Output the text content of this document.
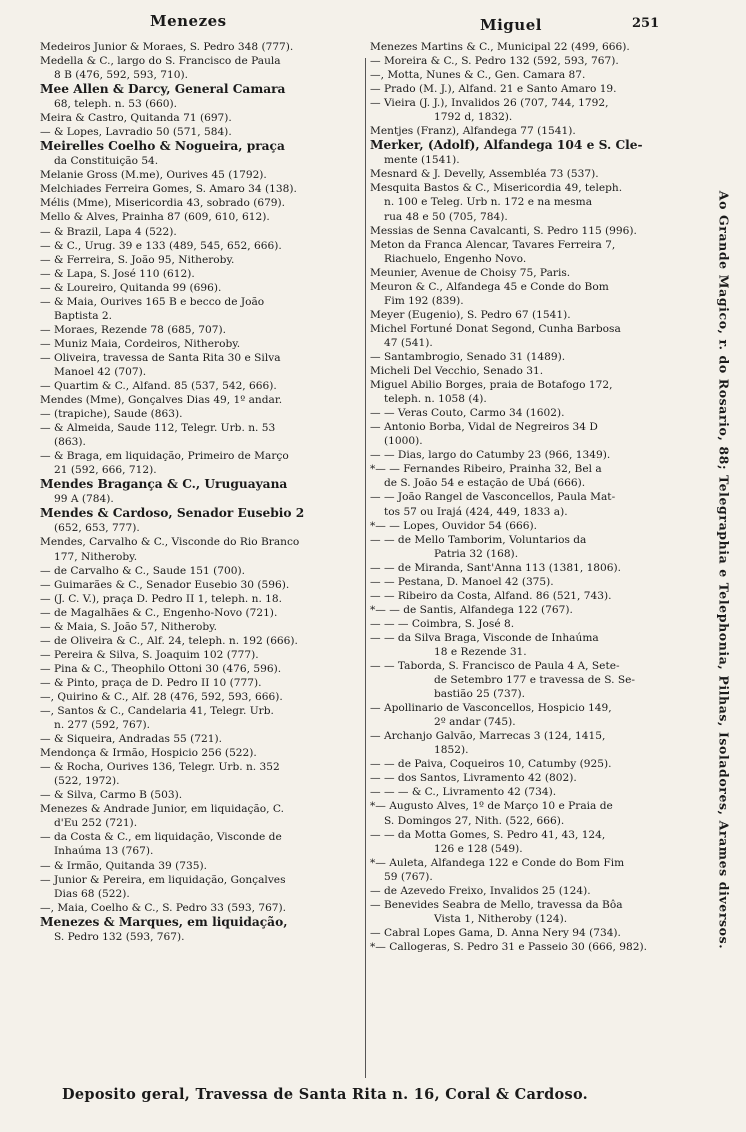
Menezes	Miguel	251
Medeiros Junior & Moraes, S. Pedro 348 (777).
Medella & C., largo do S. Francisco de Paula
8 B (476, 592, 593, 710).
Mee Allen & Darcy, General Camara
68, teleph. n. 53 (660).
Meira & Castro, Quitanda 71 (697).
— & Lopes, Lavradio 50 (571, 584).
Meirelles Coelho & Nogueira, praça
da Constituição 54.
Melanie Gross (M.me), Ourives 45 (1792).
Melchiades Ferreira Gomes, S. Amaro 34 (138).
Mélis (Mme), Misericordia 43, sobrado (679).
Mello & Alves, Prainha 87 (609, 610, 612).
— & Brazil, Lapa 4 (522).
— & C., Urug. 39 e 133 (489, 545, 652, 666).
— & Ferreira, S. João 95, Nitheroby.
— & Lapa, S. José 110 (612).
— & Loureiro, Quitanda 99 (696).
— & Maia, Ourives 165 B e becco de João
Baptista 2.
— Moraes, Rezende 78 (685, 707).
— Muniz Maia, Cordeiros, Nitheroby.
— Oliveira, travessa de Santa Rita 30 e Silva
Manoel 42 (707).
— Quartim & C., Alfand. 85 (537, 542, 666).
Mendes (Mme), Gonçalves Dias 49, 1º andar.
— (trapiche), Saude (863).
— & Almeida, Saude 112, Telegr. Urb. n. 53
(863).
— & Braga, em liquidação, Primeiro de Março
21 (592, 666, 712).
Mendes Bragança & C., Uruguayana
99 A (784).
Mendes & Cardoso, Senador Eusebio 2
(652, 653, 777).
Mendes, Carvalho & C., Visconde do Rio Branco
177, Nitheroby.
— de Carvalho & C., Saude 151 (700).
— Guimarães & C., Senador Eusebio 30 (596).
— (J. C. V.), praça D. Pedro II 1, teleph. n. 18.
— de Magalhães & C., Engenho-Novo (721).
— & Maia, S. João 57, Nitheroby.
— de Oliveira & C., Alf. 24, teleph. n. 192 (666).
— Pereira & Silva, S. Joaquim 102 (777).
— Pina & C., Theophilo Ottoni 30 (476, 596).
— & Pinto, praça de D. Pedro II 10 (777).
—, Quirino & C., Alf. 28 (476, 592, 593, 666).
—, Santos & C., Candelaria 41, Telegr. Urb.
n. 277 (592, 767).
— & Siqueira, Andradas 55 (721).
Mendonça & Irmão, Hospicio 256 (522).
— & Rocha, Ourives 136, Telegr. Urb. n. 352
(522, 1972).
— & Silva, Carmo B (503).
Menezes & Andrade Junior, em liquidação, C.
d'Eu 252 (721).
— da Costa & C., em liquidação, Visconde de
Inhaúma 13 (767).
— & Irmão, Quitanda 39 (735).
— Junior & Pereira, em liquidação, Gonçalves
Dias 68 (522).
—, Maia, Coelho & C., S. Pedro 33 (593, 767).
Menezes & Marques, em liquidação,
S. Pedro 132 (593, 767).
Menezes Martins & C., Municipal 22 (499, 666).
— Moreira & C., S. Pedro 132 (592, 593, 767).
—, Motta, Nunes & C., Gen. Camara 87.
— Prado (M. J.), Alfand. 21 e Santo Amaro 19.
— Vieira (J. J.), Invalidos 26 (707, 744, 1792,
1792 d, 1832).
Mentjes (Franz), Alfandega 77 (1541).
Merker, (Adolf), Alfandega 104 e S. Cle-
mente (1541).
Mesnard & J. Develly, Assembléa 73 (537).
Mesquita Bastos & C., Misericordia 49, teleph.
n. 100 e Teleg. Urb n. 172 e na mesma
rua 48 e 50 (705, 784).
Messias de Senna Cavalcanti, S. Pedro 115 (996).
Meton da Franca Alencar, Tavares Ferreira 7,
Riachuelo, Engenho Novo.
Meunier, Avenue de Choisy 75, Paris.
Meuron & C., Alfandega 45 e Conde do Bom
Fim 192 (839).
Meyer (Eugenio), S. Pedro 67 (1541).
Michel Fortuné Donat Segond, Cunha Barbosa
47 (541).
— Santambrogio, Senado 31 (1489).
Micheli Del Vecchio, Senado 31.
Miguel Abilio Borges, praia de Botafogo 172,
teleph. n. 1058 (4).
— — Veras Couto, Carmo 34 (1602).
— Antonio Borba, Vidal de Negreiros 34 D
(1000).
— — Dias, largo do Catumby 23 (966, 1349).
*— — Fernandes Ribeiro, Prainha 32, Bel a
de S. João 54 e estação de Ubá (666).
— — João Rangel de Vasconcellos, Paula Mat-
tos 57 ou Irajá (424, 449, 1833 a).
*— — Lopes, Ouvidor 54 (666).
— — de Mello Tamborim, Voluntarios da
Patria 32 (168).
— — de Miranda, Sant'Anna 113 (1381, 1806).
— — Pestana, D. Manoel 42 (375).
— — Ribeiro da Costa, Alfand. 86 (521, 743).
*— — de Santis, Alfandega 122 (767).
— — — Coimbra, S. José 8.
— — da Silva Braga, Visconde de Inhaúma
18 e Rezende 31.
— — Taborda, S. Francisco de Paula 4 A, Sete-
de Setembro 177 e travessa de S. Se-
bastião 25 (737).
— Apollinario de Vasconcellos, Hospicio 149,
2º andar (745).
— Archanjo Galvão, Marrecas 3 (124, 1415,
1852).
— — de Paiva, Coqueiros 10, Catumby (925).
— — dos Santos, Livramento 42 (802).
— — — & C., Livramento 42 (734).
*— Augusto Alves, 1º de Março 10 e Praia de
S. Domingos 27, Nith. (522, 666).
— — da Motta Gomes, S. Pedro 41, 43, 124,
126 e 128 (549).
*— Auleta, Alfandega 122 e Conde do Bom Fim
59 (767).
— de Azevedo Freixo, Invalidos 25 (124).
— Benevides Seabra de Mello, travessa da Bôa
Vista 1, Nitheroby (124).
— Cabral Lopes Gama, D. Anna Nery 94 (734).
*— Callogeras, S. Pedro 31 e Passeio 30 (666, 982).	Ao Grande Magico, r. do Rosario, 88; Telegraphia e Telephonia, Pilhas, Isoladores, Arames diversos.
Deposito geral, Travessa de Santa Rita n. 16, Coral & Cardoso.
